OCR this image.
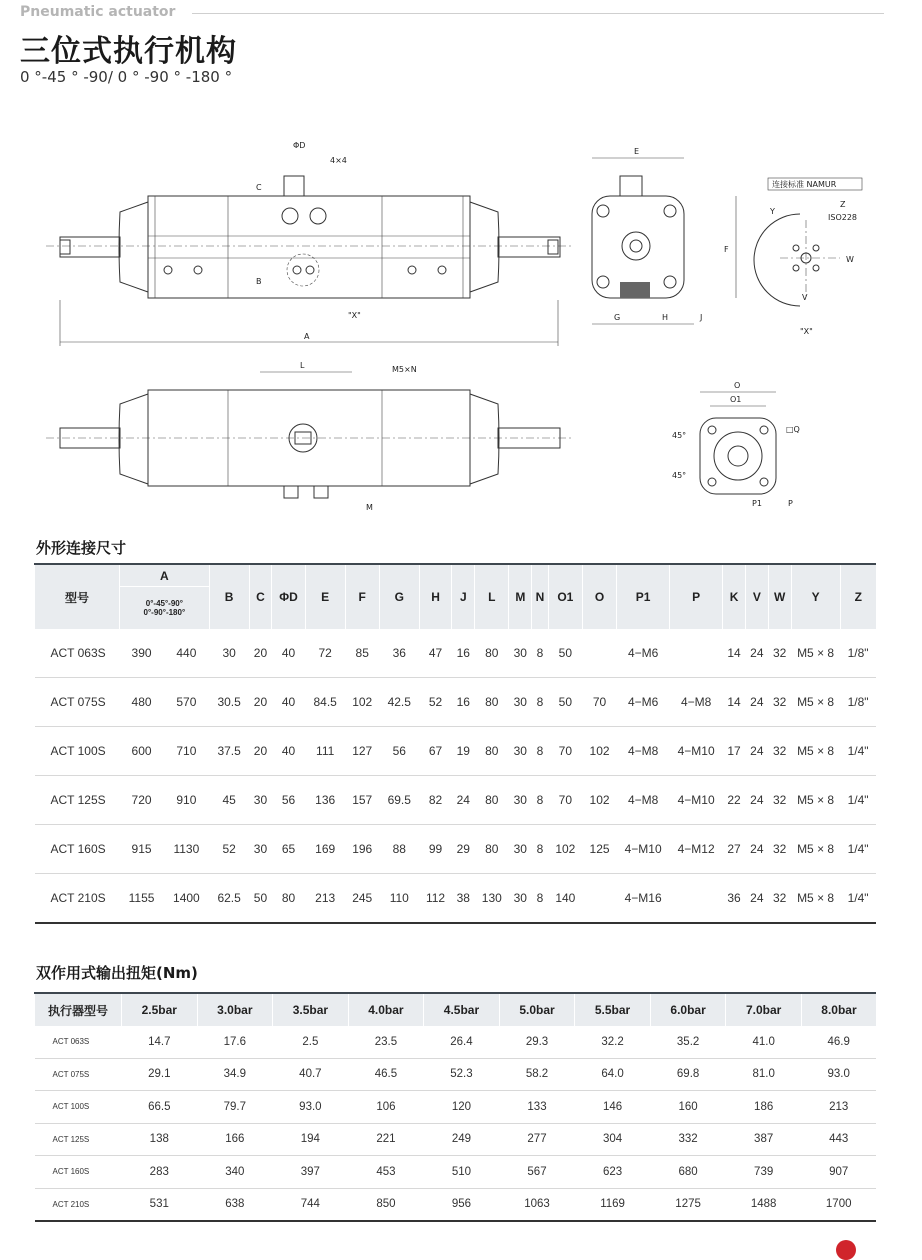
Pneumatic actuator
三位式执行机构
0 °-45 ° -90/ 0 ° -90 ° -180 °
ΦD
4×4
C
B
"X"
A
E
F
G	H	J
连接标准 NAMUR
Z
ISO228
Y
W
V
"X"
L	M5×N
M
O
O1
□Q
45°
45°
P1	P
外形连接尺寸
型号	A		B	C	ΦD	E	F	G	H	J	L	M	N	O1	O	P1	P	K	V	W	Y	Z

	0°-45°-90°
0°-90°-180°																					

ACT 063S	390	440	30	20	40	72	85	36	47	16	80	30	8	50		4−M6		14	24	32	M5 × 8	1/8"
ACT 075S	480	570	30.5	20	40	84.5	102	42.5	52	16	80	30	8	50	70	4−M6	4−M8	14	24	32	M5 × 8	1/8"
ACT 100S	600	710	37.5	20	40	111	127	56	67	19	80	30	8	70	102	4−M8	4−M10	17	24	32	M5 × 8	1/4"
ACT 125S	720	910	45	30	56	136	157	69.5	82	24	80	30	8	70	102	4−M8	4−M10	22	24	32	M5 × 8	1/4"
ACT 160S	915	1130	52	30	65	169	196	88	99	29	80	30	8	102	125	4−M10	4−M12	27	24	32	M5 × 8	1/4"
ACT 210S	1155	1400	62.5	50	80	213	245	110	112	38	130	30	8	140		4−M16		36	24	32	M5 × 8	1/4"
双作用式输出扭矩(Nm)
执行器型号	2.5bar	3.0bar	3.5bar	4.0bar	4.5bar	5.0bar	5.5bar	6.0bar	7.0bar	8.0bar
ACT 063S	14.7	17.6	2.5	23.5	26.4	29.3	32.2	35.2	41.0	46.9
ACT 075S	29.1	34.9	40.7	46.5	52.3	58.2	64.0	69.8	81.0	93.0
ACT 100S	66.5	79.7	93.0	106	120	133	146	160	186	213
ACT 125S	138	166	194	221	249	277	304	332	387	443
ACT 160S	283	340	397	453	510	567	623	680	739	907
ACT 210S	531	638	744	850	956	1063	1169	1275	1488	1700
